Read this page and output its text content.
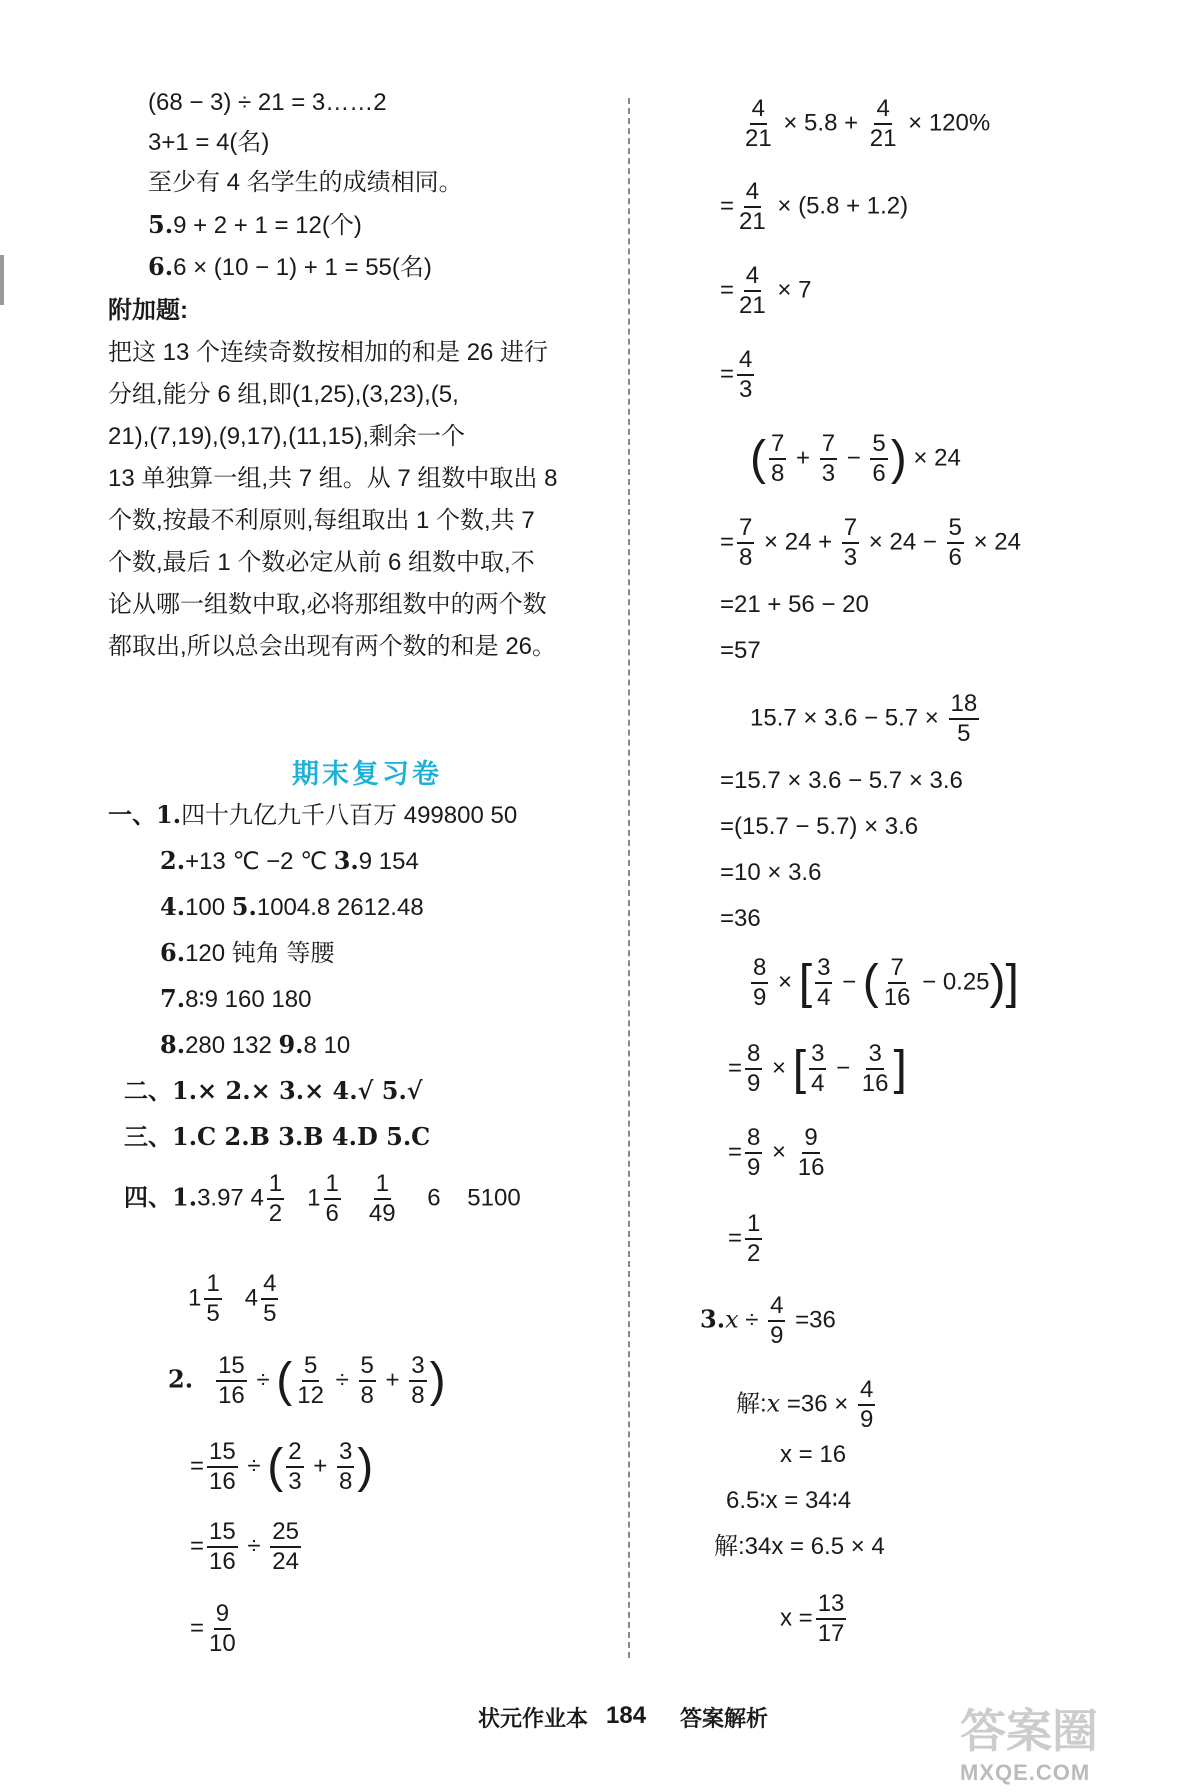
(68 − 3) ÷ 21 = 3……2
3+1 = 4(名)
至少有 4 名学生的成绩相同。
5.9 + 2 + 1 = 12(个)
6.6 × (10 − 1) + 1 = 55(名)
附加题:
把这 13 个连续奇数按相加的和是 26 进行
分组,能分 6 组,即(1,25),(3,23),(5,
21),(7,19),(9,17),(11,15),剩余一个
13 单独算一组,共 7 组。从 7 组数中取出 8
个数,按最不利原则,每组取出 1 个数,共 7
个数,最后 1 个数必定从前 6 组数中取,不
论从哪一组数中取,必将那组数中的两个数
都取出,所以总会出现有两个数的和是 26。
期末复习卷
一、1.四十九亿九千八百万 499800 50
2.+13 ℃ −2 ℃ 3.9 154
4.100 5.1004.8 2612.48
6.120 钝角 等腰
7.8∶9 160 180
8.280 132 9.8 10
二、1.× 2.× 3.× 4.√ 5.√
三、1.C 2.B 3.B 4.D 5.C
四、1.3.97 $4 \frac{1}{2} 1 \frac{1}{6}$
$\frac{1}{49} 6$ 5100
$1 \frac{1}{5} 4 \frac{4}{5}$
2. $\frac{15}{16}$ ÷ ( $\frac{5}{12} \div \frac{5}{8} + \frac{3}{8}$ )
= $\frac{15}{16}$ ÷ ( $\frac{2}{3} + \frac{3}{8}$ )
= $\frac{15}{16} \div \frac{25}{24}$
= $\frac{9}{10}$
$\frac{4}{21} \times 5.8 + \frac{4}{21} \times 120\%$
= $\frac{4}{21} \times (5.8 + 1.2)$
= $\frac{4}{21} \times 7$
= $\frac{4}{3}$
( $\frac{7}{8} + \frac{7}{3} - \frac{5}{6}$ ) × 24
= $\frac{7}{8} \times 24 + \frac{7}{3} \times 24 - \frac{5}{6} \times 24$
=21 + 56 − 20
=57
$15.7 \times 3.6 - 5.7 \times \frac{18}{5}$
=15.7 × 3.6 − 5.7 × 3.6
=(15.7 − 5.7) × 3.6
=10 × 3.6
=36
$\frac{8}{9}$ × [ $\frac{3}{4}$ − ( $\frac{7}{16} - 0.25$)]
= $\frac{8}{9}$ × [ $\frac{3}{4} - \frac{3}{16}$ ]
= $\frac{8}{9} \times \frac{9}{16}$
= $\frac{1}{2}$
$3.x \div \frac{4}{9} =36$
解:x $=36 \times \frac{4}{9}$
x = 16
6.5∶x = 34∶4
解:34x = 6.5 × 4
$x = \frac{13}{17}$
状元作业本 184 答案解析	答案圈
MXQE.COM
